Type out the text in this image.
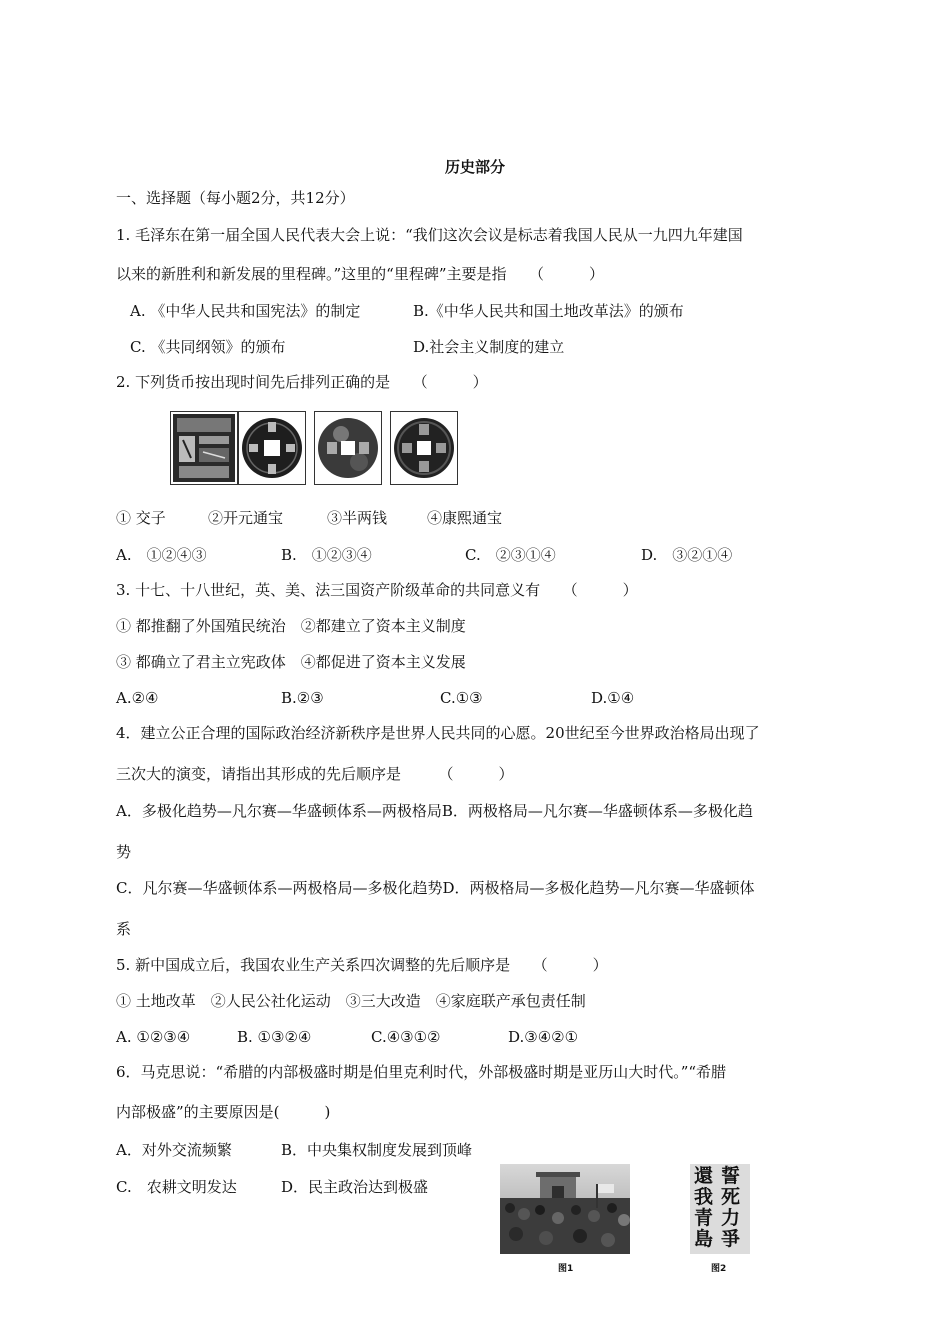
历史部分
一、选择题（每小题2分，共12分）
1. 毛泽东在第一届全国人民代表大会上说：“我们这次会议是标志着我国人民从一九四九年建国
以来的新胜利和新发展的里程碑。”这里的“里程碑”主要是指　　（　　　）
A. 《中华人民共和国宪法》的制定	B.《中华人民共和国土地改革法》的颁布
C. 《共同纲领》的颁布	D.社会主义制度的建立
2. 下列货币按出现时间先后排列正确的是　　（　　　）
① 交子	②开元通宝	③半两钱	④康熙通宝
A.　①②④③	B.　①②③④	C.　②③①④	D.　③②①④
3. 十七、十八世纪，英、美、法三国资产阶级革命的共同意义有　　（　　　）
① 都推翻了外国殖民统治　②都建立了资本主义制度
③ 都确立了君主立宪政体　④都促进了资本主义发展
A.②④	B.②③	C.①③	D.①④
4．建立公正合理的国际政治经济新秩序是世界人民共同的心愿。20世纪至今世界政治格局出现了
三次大的演变，请指出其形成的先后顺序是　　　（　　　）
A．多极化趋势—凡尔赛—华盛顿体系—两极格局B．两极格局—凡尔赛—华盛顿体系—多极化趋
势
C．凡尔赛—华盛顿体系—两极格局—多极化趋势D．两极格局—多极化趋势—凡尔赛—华盛顿体
系
5. 新中国成立后，我国农业生产关系四次调整的先后顺序是　　（　　　）
① 土地改革　②人民公社化运动　③三大改造　④家庭联产承包责任制
A. ①②③④	B. ①③②④	C.④③①②	D.③④②①
6．马克思说：“希腊的内部极盛时期是伯里克利时代，外部极盛时期是亚历山大时代。”“希腊
内部极盛”的主要原因是(　　　)
A．对外交流频繁	B．中央集权制度发展到顶峰
C.　农耕文明发达	D．民主政治达到极盛
图1
誓
死
力
爭
還
我
青
島
图2
